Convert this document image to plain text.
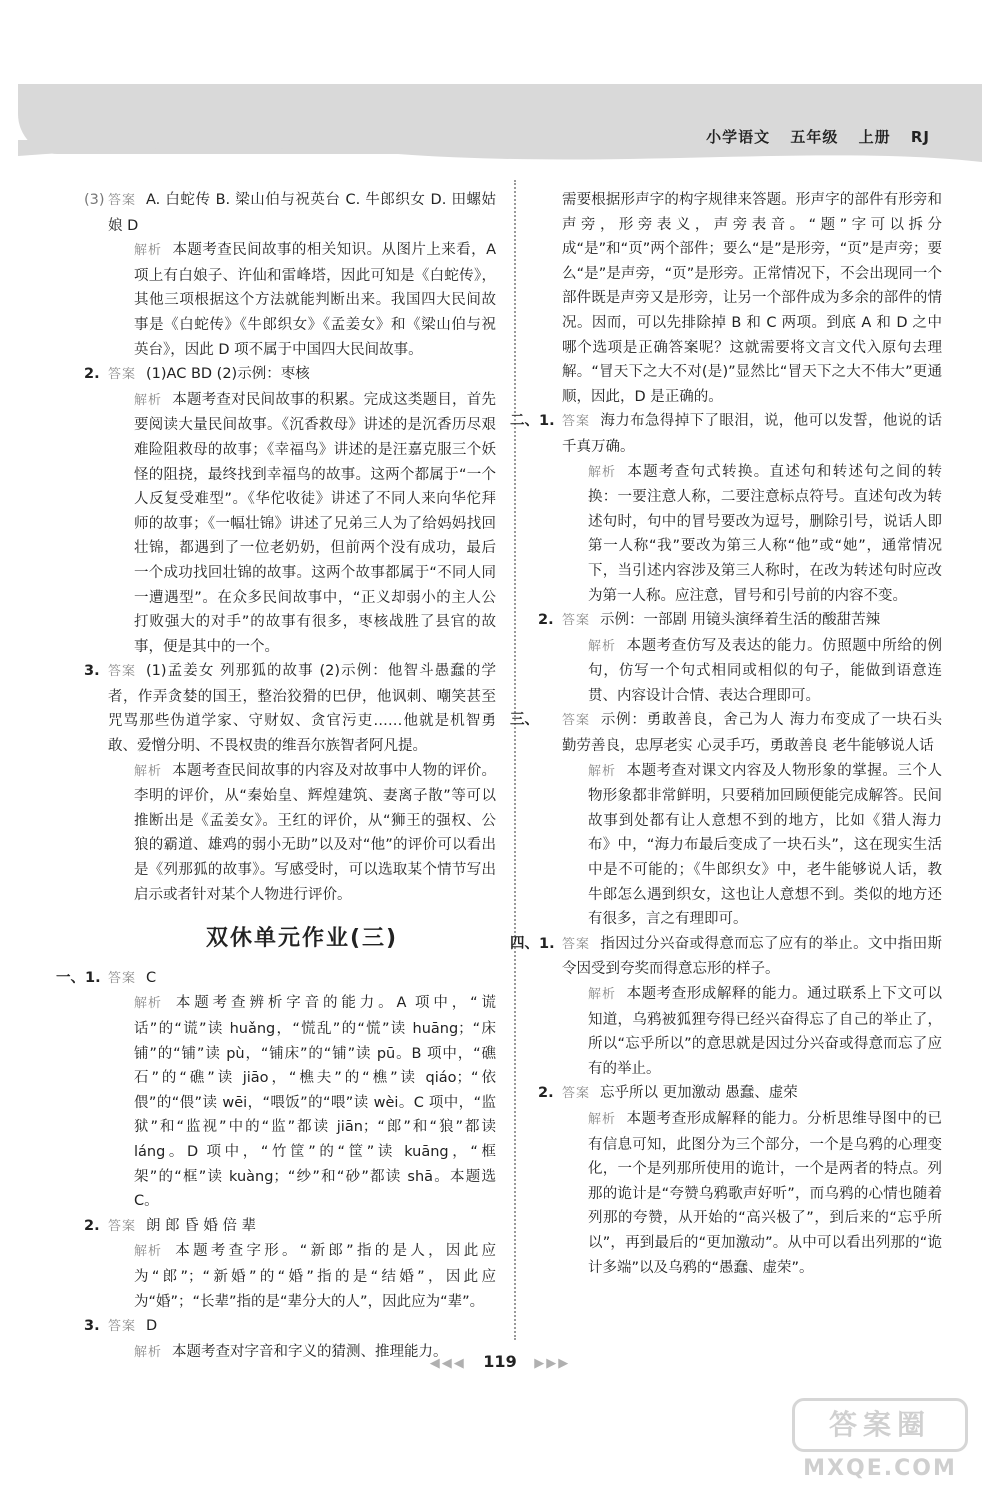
小学语文 五年级 上册 RJ
(3) 答案 A. 白蛇传 B. 梁山伯与祝英台 C. 牛郎织女 D. 田螺姑娘 D
解析 本题考查民间故事的相关知识。从图片上来看，A 项上有白娘子、许仙和雷峰塔，因此可知是《白蛇传》，其他三项根据这个方法就能判断出来。我国四大民间故事是《白蛇传》《牛郎织女》《孟姜女》和《梁山伯与祝英台》，因此 D 项不属于中国四大民间故事。
2. 答案 (1)AC BD (2)示例：枣核
解析 本题考查对民间故事的积累。完成这类题目，首先要阅读大量民间故事。《沉香救母》讲述的是沉香历尽艰难险阻救母的故事；《幸福鸟》讲述的是汪嘉克服三个妖怪的阻挠，最终找到幸福鸟的故事。这两个都属于“一个人反复受难型”。《华佗收徒》讲述了不同人来向华佗拜师的故事；《一幅壮锦》讲述了兄弟三人为了给妈妈找回壮锦，都遇到了一位老奶奶，但前两个没有成功，最后一个成功找回壮锦的故事。这两个故事都属于“不同人同一遭遇型”。在众多民间故事中，“正义却弱小的主人公打败强大的对手”的故事有很多，枣核战胜了县官的故事，便是其中的一个。
3. 答案 (1)孟姜女 列那狐的故事 (2)示例：他智斗愚蠢的学者，作弄贪婪的国王，整治狡猾的巴伊，他讽刺、嘲笑甚至咒骂那些伪道学家、守财奴、贪官污吏……他就是机智勇敢、爱憎分明、不畏权贵的维吾尔族智者阿凡提。
解析 本题考查民间故事的内容及对故事中人物的评价。李明的评价，从“秦始皇、辉煌建筑、妻离子散”等可以推断出是《孟姜女》。王红的评价，从“狮王的强权、公狼的霸道、雄鸡的弱小无助”以及对“他”的评价可以看出是《列那狐的故事》。写感受时，可以选取某个情节写出启示或者针对某个人物进行评价。
双休单元作业(三)
一、1. 答案 C
解析 本题考查辨析字音的能力。A 项中，“谎话”的“谎”读 huǎng，“慌乱”的“慌”读 huāng；“床铺”的“铺”读 pù，“铺床”的“铺”读 pū。B 项中，“礁石”的“礁”读 jiāo，“樵夫”的“樵”读 qiáo；“依偎”的“偎”读 wēi，“喂饭”的“喂”读 wèi。C 项中，“监狱”和“监视”中的“监”都读 jiān；“郎”和“狼”都读 láng。D 项中，“竹筐”的“筐”读 kuāng，“框架”的“框”读 kuàng；“纱”和“砂”都读 shā。本题选 C。
2. 答案 朗 郎 昏 婚 倍 辈
解析 本题考查字形。“新郎”指的是人，因此应为“郎”；“新婚”的“婚”指的是“结婚”，因此应为“婚”；“长辈”指的是“辈分大的人”，因此应为“辈”。
3. 答案 D
解析 本题考查对字音和字义的猜测、推理能力。
需要根据形声字的构字规律来答题。形声字的部件有形旁和声旁，形旁表义，声旁表音。“题”字可以拆分成“是”和“页”两个部件；要么“是”是形旁，“页”是声旁；要么“是”是声旁，“页”是形旁。正常情况下，不会出现同一个部件既是声旁又是形旁，让另一个部件成为多余的部件的情况。因而，可以先排除掉 B 和 C 两项。到底 A 和 D 之中哪个选项是正确答案呢？这就需要将文言文代入原句去理解。“冒天下之大不对(是)”显然比“冒天下之大不伟大”更通顺，因此，D 是正确的。
二、1. 答案 海力布急得掉下了眼泪，说，他可以发誓，他说的话千真万确。
解析 本题考查句式转换。直述句和转述句之间的转换：一要注意人称，二要注意标点符号。直述句改为转述句时，句中的冒号要改为逗号，删除引号，说话人即第一人称“我”要改为第三人称“他”或“她”，通常情况下，当引述内容涉及第三人称时，在改为转述句时应改为第一人称。应注意，冒号和引号前的内容不变。
2. 答案 示例：一部剧 用镜头演绎着生活的酸甜苦辣
解析 本题考查仿写及表达的能力。仿照题中所给的例句，仿写一个句式相同或相似的句子，能做到语意连贯、内容设计合情、表达合理即可。
三、 答案 示例：勇敢善良，舍己为人 海力布变成了一块石头 勤劳善良，忠厚老实 心灵手巧，勇敢善良 老牛能够说人话
解析 本题考查对课文内容及人物形象的掌握。三个人物形象都非常鲜明，只要稍加回顾便能完成解答。民间故事到处都有让人意想不到的地方，比如《猎人海力布》中，“海力布最后变成了一块石头”，这在现实生活中是不可能的；《牛郎织女》中，老牛能够说人话，教牛郎怎么遇到织女，这也让人意想不到。类似的地方还有很多，言之有理即可。
四、1. 答案 指因过分兴奋或得意而忘了应有的举止。文中指田斯令因受到夸奖而得意忘形的样子。
解析 本题考查形成解释的能力。通过联系上下文可以知道，乌鸦被狐狸夸得已经兴奋得忘了自己的举止了，所以“忘乎所以”的意思就是因过分兴奋或得意而忘了应有的举止。
2. 答案 忘乎所以 更加激动 愚蠢、虚荣
解析 本题考查形成解释的能力。分析思维导图中的已有信息可知，此图分为三个部分，一个是乌鸦的心理变化，一个是列那所使用的诡计，一个是两者的特点。列那的诡计是“夸赞乌鸦歌声好听”，而乌鸦的心情也随着列那的夸赞，从开始的“高兴极了”，到后来的“忘乎所以”，再到最后的“更加激动”。从中可以看出列那的“诡计多端”以及乌鸦的“愚蠢、虚荣”。
◀◀◀ 119 ▶▶▶
答案圈
MXQE.COM
